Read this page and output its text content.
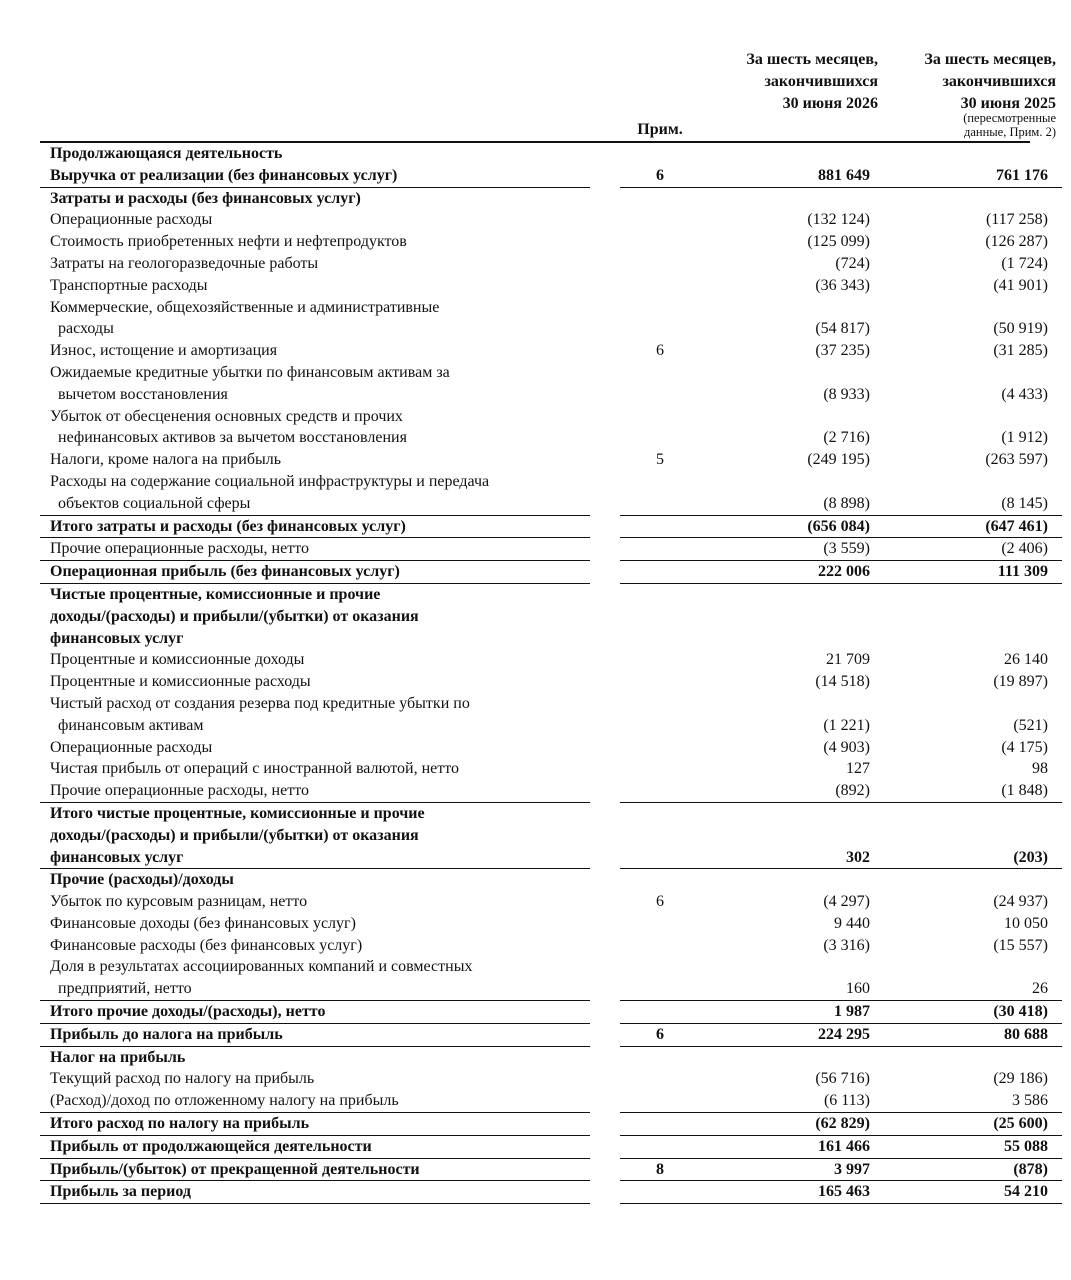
За шесть месяцев,
закончившихся
30 июня 2026
За шесть месяцев,
закончившихся
30 июня 2025
(пересмотренные
данные, Прим. 2)
Прим.
Продолжающаяся деятельность				

Выручка от реализации (без финансовых услуг)		6	881 649	761 176

Затраты и расходы (без финансовых услуг)				

Операционные расходы			(132 124)	(117 258)

Стоимость приобретенных нефти и нефтепродуктов			(125 099)	(126 287)

Затраты на геологоразведочные работы			(724)	(1 724)

Транспортные расходы			(36 343)	(41 901)

Коммерческие, общехозяйственные и административные
расходы			(54 817)	(50 919)

Износ, истощение и амортизация		6	(37 235)	(31 285)

Ожидаемые кредитные убытки по финансовым активам за
вычетом восстановления			(8 933)	(4 433)

Убыток от обесценения основных средств и прочих
нефинансовых активов за вычетом восстановления			(2 716)	(1 912)

Налоги, кроме налога на прибыль		5	(249 195)	(263 597)

Расходы на содержание социальной инфраструктуры и передача
объектов социальной сферы			(8 898)	(8 145)

Итого затраты и расходы (без финансовых услуг)			(656 084)	(647 461)

Прочие операционные расходы, нетто			(3 559)	(2 406)

Операционная прибыль (без финансовых услуг)			222 006	111 309

Чистые процентные, комиссионные и прочие
доходы/(расходы) и прибыли/(убытки) от оказания
финансовых услуг				

Процентные и комиссионные доходы			21 709	26 140

Процентные и комиссионные расходы			(14 518)	(19 897)

Чистый расход от создания резерва под кредитные убытки по
финансовым активам			(1 221)	(521)

Операционные расходы			(4 903)	(4 175)

Чистая прибыль от операций с иностранной валютой, нетто			127	98

Прочие операционные расходы, нетто			(892)	(1 848)

Итого чистые процентные, комиссионные и прочие
доходы/(расходы) и прибыли/(убытки) от оказания
финансовых услуг			302	(203)

Прочие (расходы)/доходы				

Убыток по курсовым разницам, нетто		6	(4 297)	(24 937)

Финансовые доходы (без финансовых услуг)			9 440	10 050

Финансовые расходы (без финансовых услуг)			(3 316)	(15 557)

Доля в результатах ассоциированных компаний и совместных
предприятий, нетто			160	26

Итого прочие доходы/(расходы), нетто			1 987	(30 418)

Прибыль до налога на прибыль		6	224 295	80 688

Налог на прибыль				

Текущий расход по налогу на прибыль			(56 716)	(29 186)

(Расход)/доход по отложенному налогу на прибыль			(6 113)	3 586

Итого расход по налогу на прибыль			(62 829)	(25 600)

Прибыль от продолжающейся деятельности			161 466	55 088

Прибыль/(убыток) от прекращенной деятельности		8	3 997	(878)

Прибыль за период			165 463	54 210
